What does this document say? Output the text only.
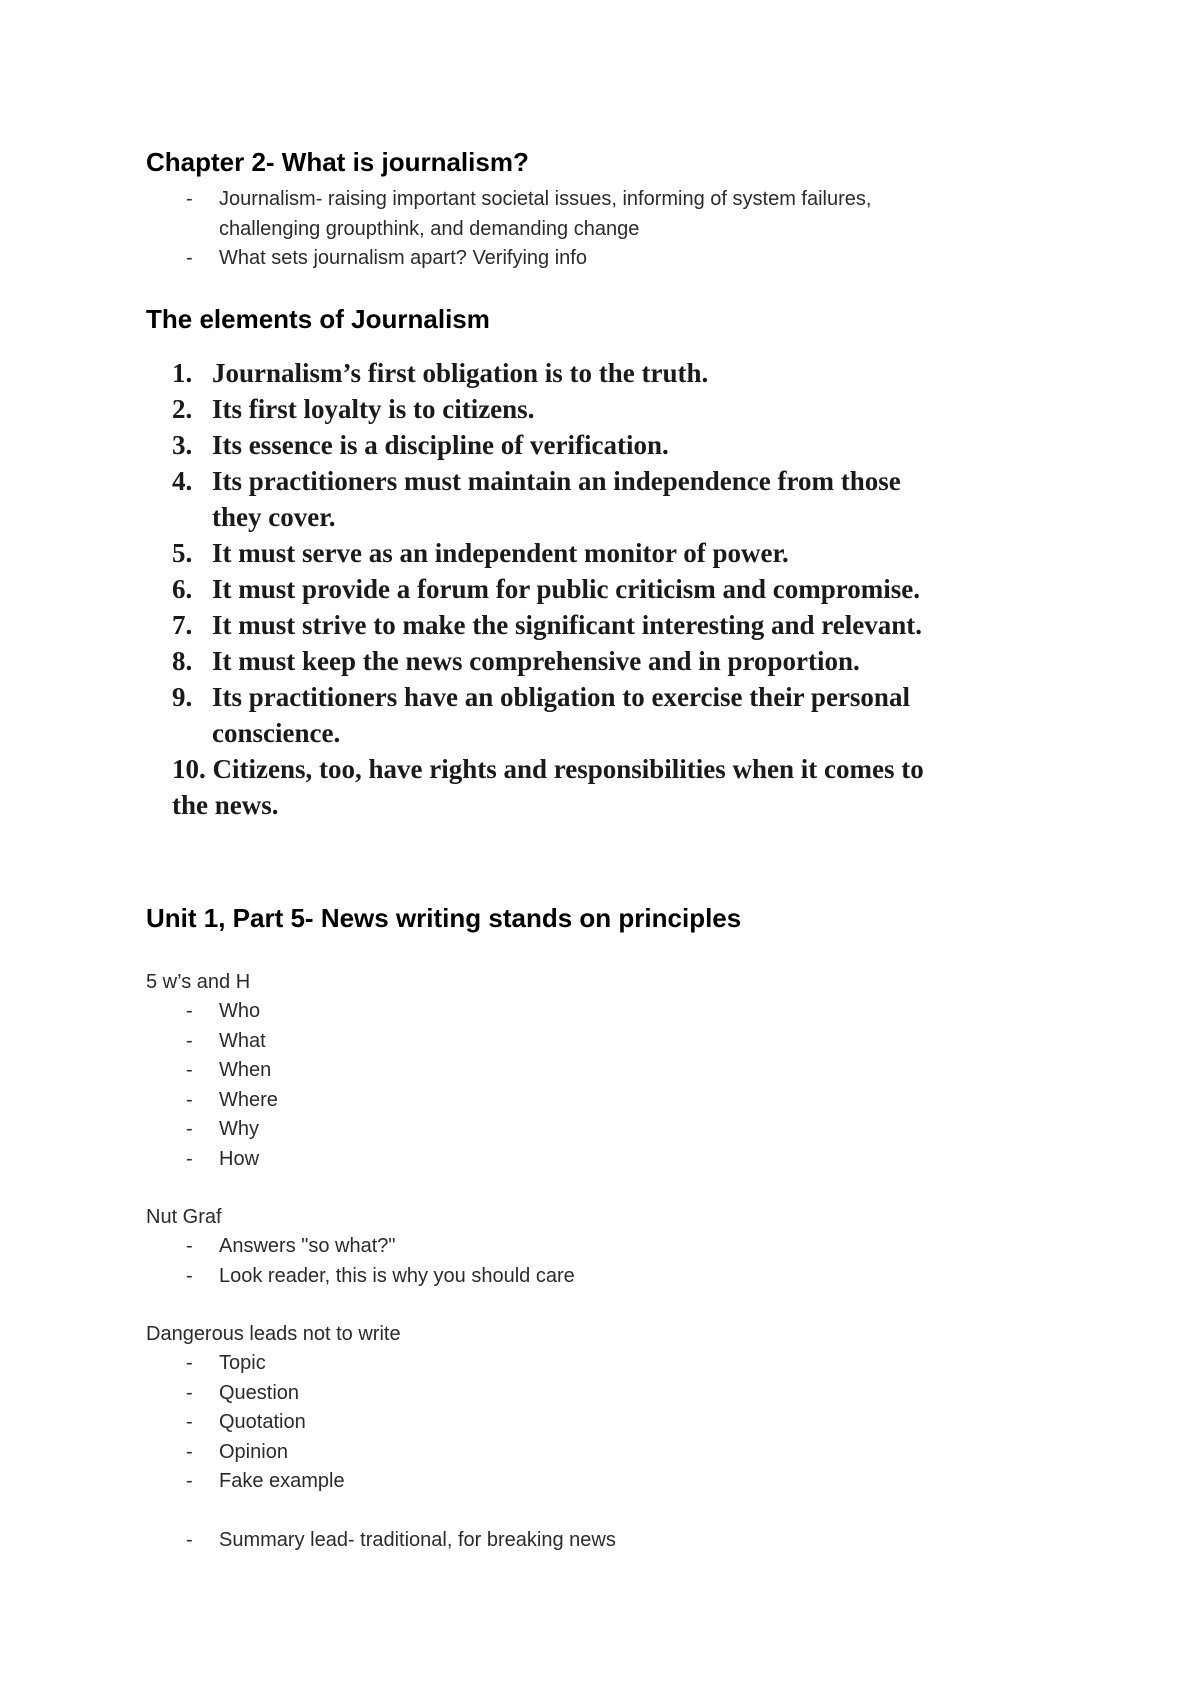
Chapter 2- What is journalism?
- Journalism- raising important societal issues, informing of system failures,
challenging groupthink, and demanding change
- What sets journalism apart? Verifying info
The elements of Journalism
1. Journalism’s first obligation is to the truth.
2. Its first loyalty is to citizens.
3. Its essence is a discipline of verification.
4. Its practitioners must maintain an independence from those
they cover.
5. It must serve as an independent monitor of power.
6. It must provide a forum for public criticism and compromise.
7. It must strive to make the significant interesting and relevant.
8. It must keep the news comprehensive and in proportion.
9. Its practitioners have an obligation to exercise their personal
conscience.
10. Citizens, too, have rights and responsibilities when it comes to
the news.
Unit 1, Part 5- News writing stands on principles

5 w’s and H

- Who
- What
- When
- Where
- Why
- How

Nut Graf

- Answers "so what?"
- Look reader, this is why you should care

Dangerous leads not to write

- Topic
- Question
- Quotation
- Opinion
- Fake example
- Summary lead- traditional, for breaking news
